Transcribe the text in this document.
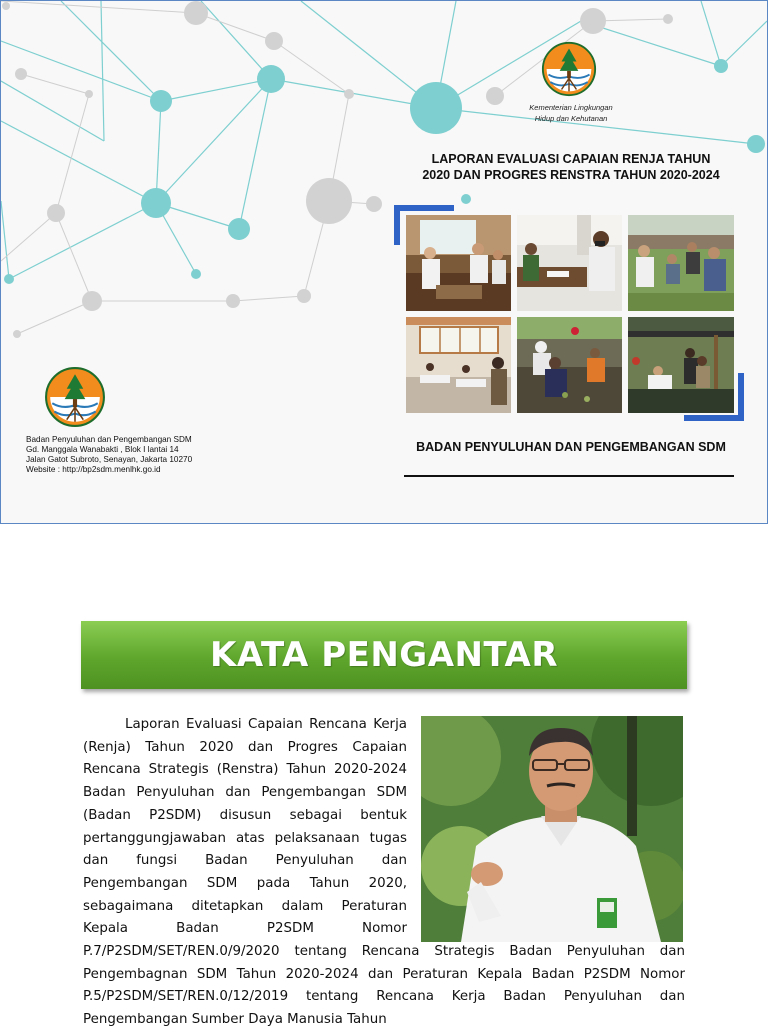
Kementerian Lingkungan
Hidup dan Kehutanan
LAPORAN EVALUASI CAPAIAN RENJA TAHUN
2020 DAN PROGRES RENSTRA TAHUN 2020-2024
Badan Penyuluhan dan Pengembangan SDM
Gd. Manggala Wanabakti , Blok I lantai 14
Jalan Gatot Subroto, Senayan, Jakarta 10270
Website : http://bp2sdm.menlhk.go.id
BADAN PENYULUHAN DAN PENGEMBANGAN SDM
KATA PENGANTAR
Laporan Evaluasi Capaian Rencana Kerja (Renja) Tahun 2020 dan Progres Capaian Rencana Strategis (Renstra) Tahun 2020-2024 Badan Penyuluhan dan Pengembangan SDM (Badan P2SDM) disusun sebagai bentuk pertanggungjawaban atas pelaksanaan tugas dan fungsi Badan Penyuluhan dan Pengembangan SDM pada Tahun 2020, sebagaimana ditetapkan dalam Peraturan Kepala Badan P2SDM Nomor P.7/P2SDM/SET/REN.0/9/2020 tentang Rencana Strategis Badan Penyuluhan dan Pengembagnan SDM Tahun 2020-2024 dan Peraturan Kepala Badan P2SDM Nomor P.5/P2SDM/SET/REN.0/12/2019 tentang Rencana Kerja Badan Penyuluhan dan Pengembangan Sumber Daya Manusia Tahun
